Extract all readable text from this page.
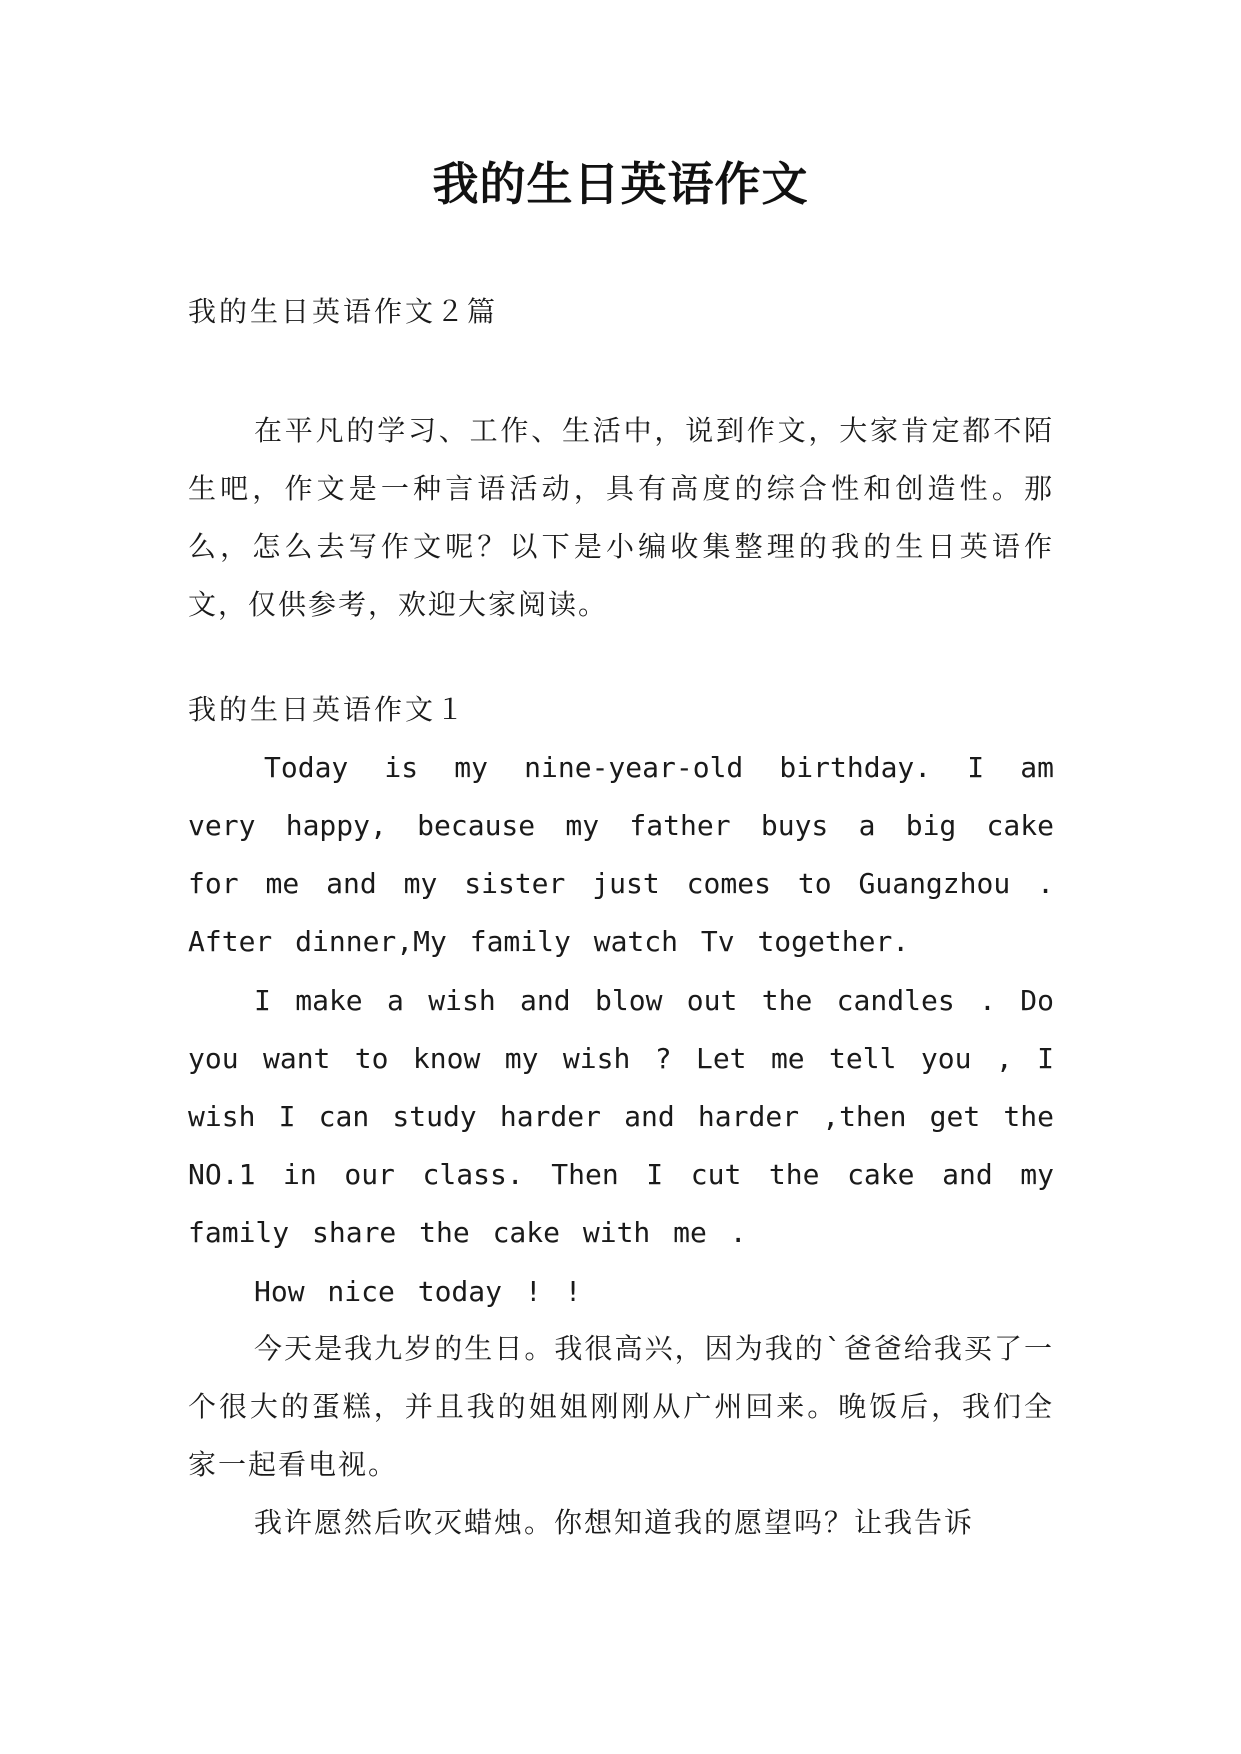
我的生日英语作文

我的生日英语作文２篇

在平凡的学习、工作、生活中，说到作文，大家肯定都不陌生吧，作文是一种言语活动，具有高度的综合性和创造性。那么，怎么去写作文呢？以下是小编收集整理的我的生日英语作文，仅供参考，欢迎大家阅读。

我的生日英语作文１

Today is my nine-year-old birthday. I am very happy, because my father buys a big cake for me and my sister just comes to Guangzhou . After dinner,My family watch Tv together.

I make a wish and blow out the candles . Do you want to know my wish ? Let me tell you , I wish I can study harder and harder ,then get the NO.1 in our class. Then I cut the cake and my family share the cake with me .

How nice today ! !

今天是我九岁的生日。我很高兴，因为我的`爸爸给我买了一个很大的蛋糕，并且我的姐姐刚刚从广州回来。晚饭后，我们全家一起看电视。

我许愿然后吹灭蜡烛。你想知道我的愿望吗？让我告诉
